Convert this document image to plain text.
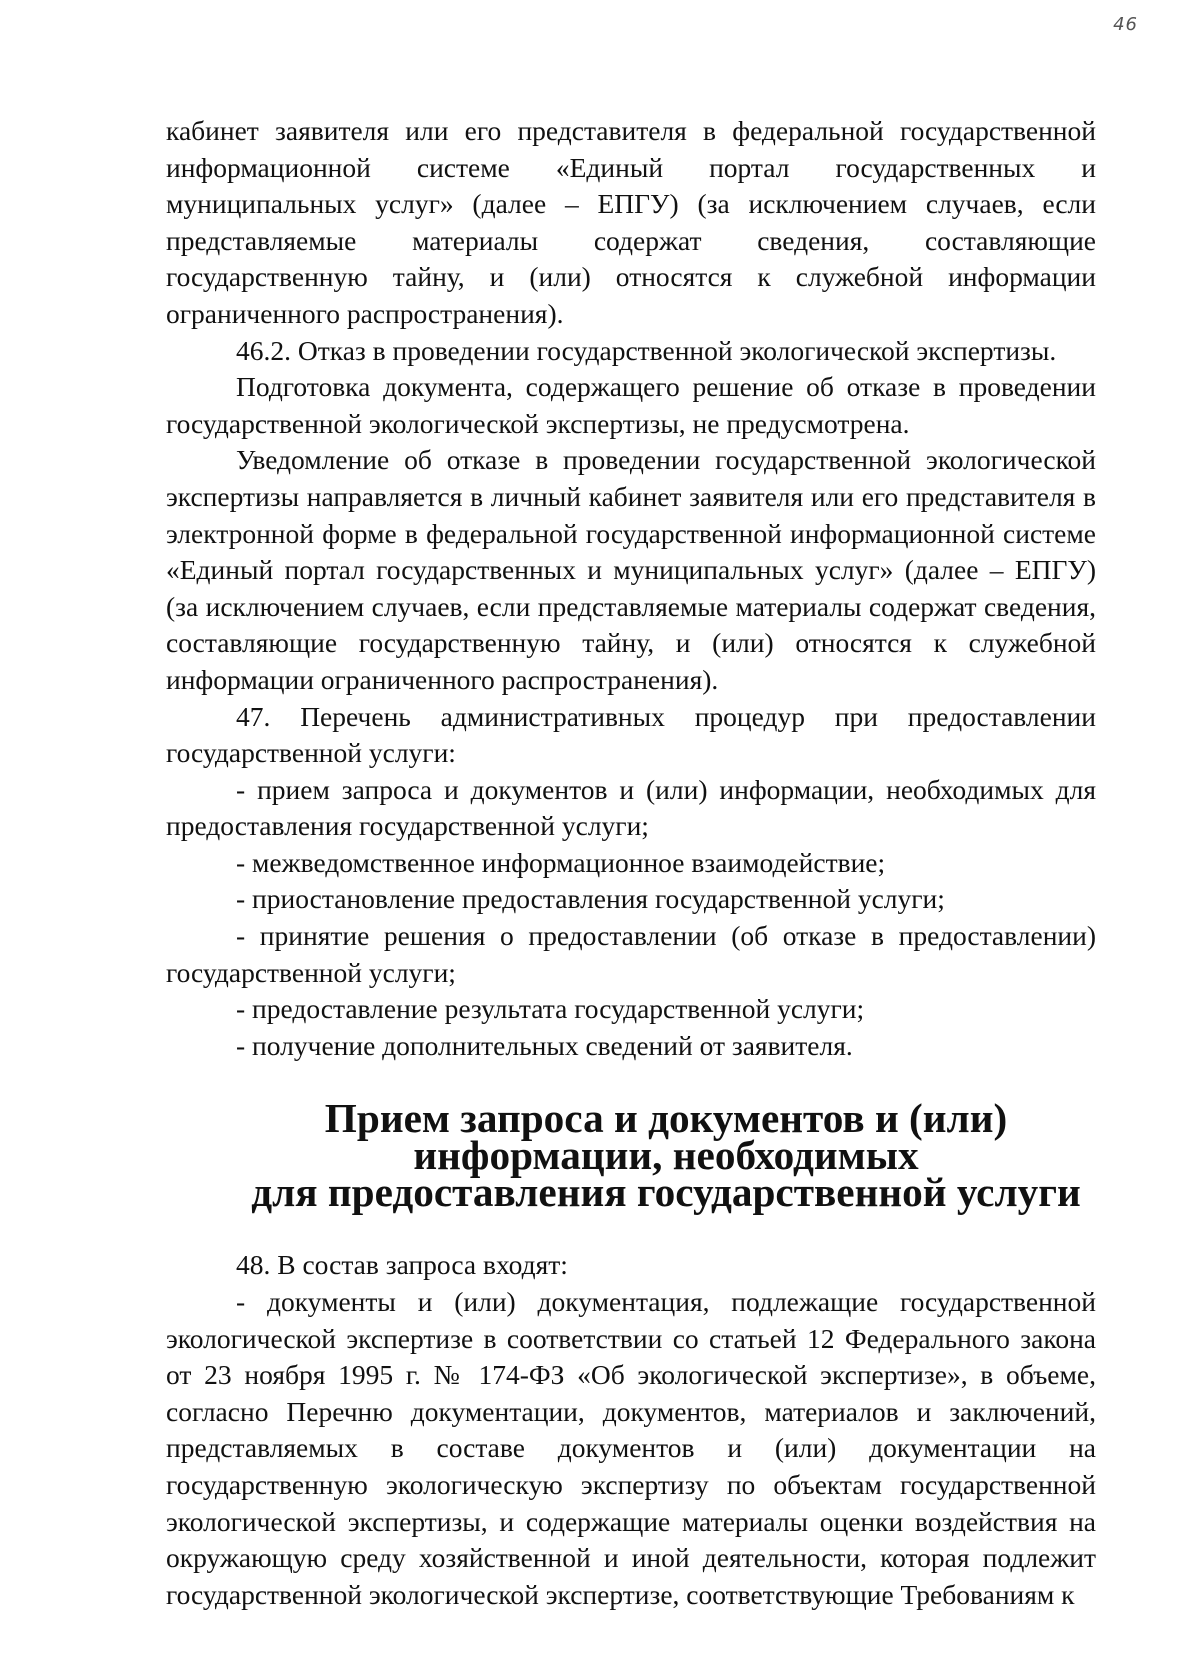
46

кабинет заявителя или его представителя в федеральной государственной информационной системе «Единый портал государственных и муниципальных услуг» (далее – ЕПГУ) (за исключением случаев, если представляемые материалы содержат сведения, составляющие государственную тайну, и (или) относятся к служебной информации ограниченного распространения).

46.2. Отказ в проведении государственной экологической экспертизы.

Подготовка документа, содержащего решение об отказе в проведении государственной экологической экспертизы, не предусмотрена.

Уведомление об отказе в проведении государственной экологической экспертизы направляется в личный кабинет заявителя или его представителя в электронной форме в федеральной государственной информационной системе «Единый портал государственных и муниципальных услуг» (далее – ЕПГУ) (за исключением случаев, если представляемые материалы содержат сведения, составляющие государственную тайну, и (или) относятся к служебной информации ограниченного распространения).

47. Перечень административных процедур при предоставлении государственной услуги:

- прием запроса и документов и (или) информации, необходимых для предоставления государственной услуги;

- межведомственное информационное взаимодействие;

- приостановление предоставления государственной услуги;

- принятие решения о предоставлении (об отказе в предоставлении) государственной услуги;

- предоставление результата государственной услуги;

- получение дополнительных сведений от заявителя.

Прием запроса и документов и (или) информации, необходимых
для предоставления государственной услуги

48. В состав запроса входят:

- документы и (или) документация, подлежащие государственной экологической экспертизе в соответствии со статьей 12 Федерального закона от 23 ноября 1995 г. № 174-ФЗ «Об экологической экспертизе», в объеме, согласно Перечню документации, документов, материалов и заключений, представляемых в составе документов и (или) документации на государственную экологическую экспертизу по объектам государственной экологической экспертизы, и содержащие материалы оценки воздействия на окружающую среду хозяйственной и иной деятельности, которая подлежит государственной экологической экспертизе, соответствующие Требованиям к
